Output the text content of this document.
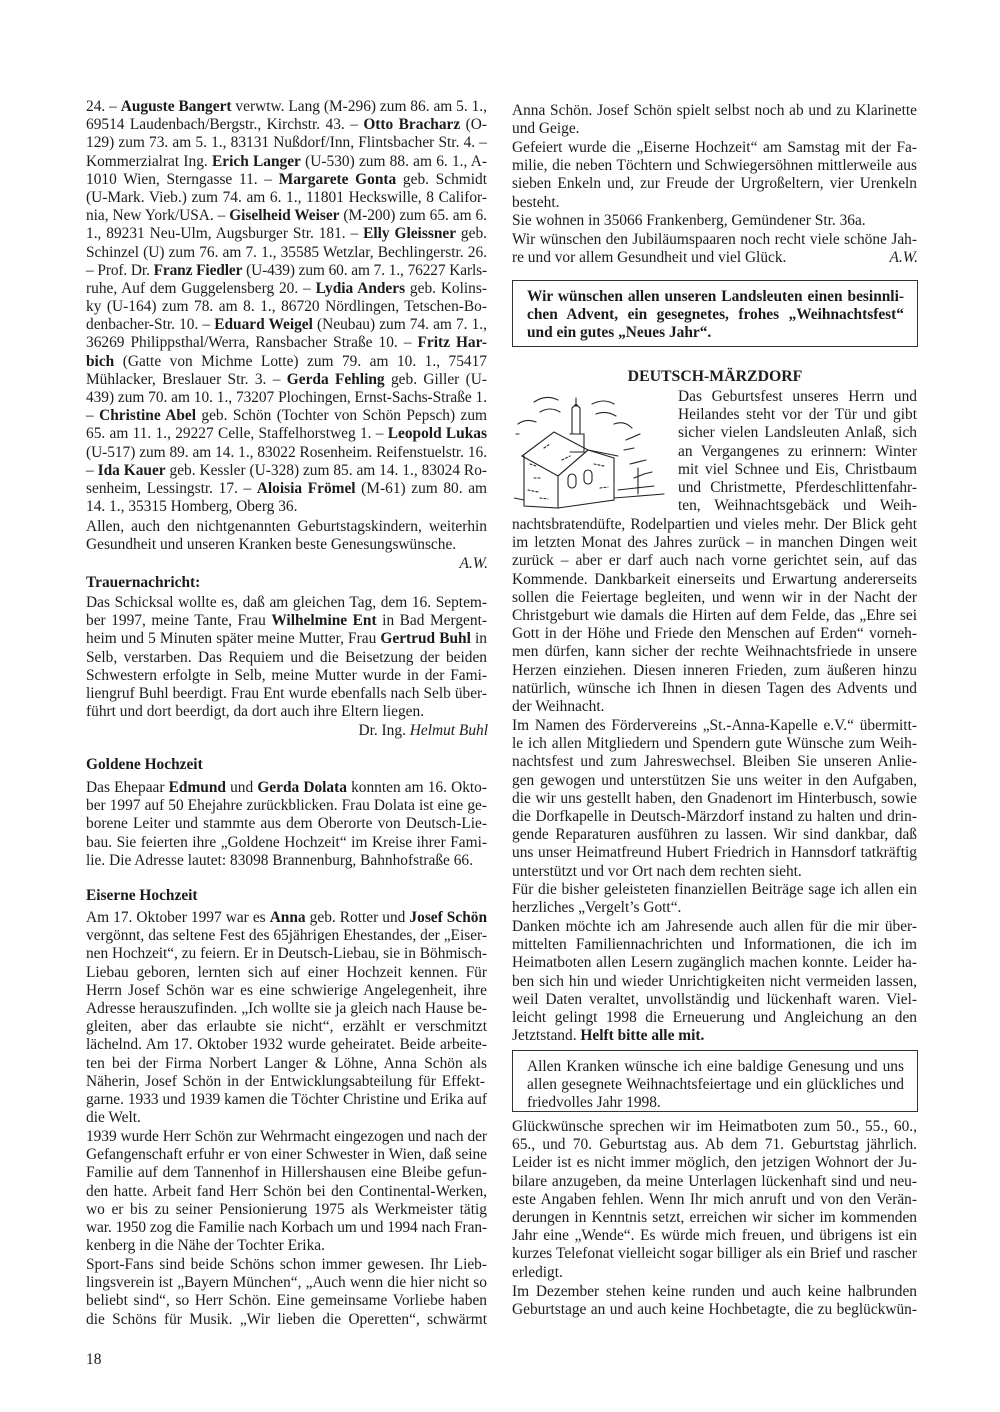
24. – Auguste Bangert verwtw. Lang (M-296) zum 86. am 5. 1.,
69514 Laudenbach/Bergstr., Kirchstr. 43. – Otto Bracharz (O-
129) zum 73. am 5. 1., 83131 Nußdorf/Inn, Flintsbacher Str. 4. –
Kommerzialrat Ing. Erich Langer (U-530) zum 88. am 6. 1., A-
1010 Wien, Sterngasse 11. – Margarete Gonta geb. Schmidt
(U-Mark. Vieb.) zum 74. am 6. 1., 11801 Heckswille, 8 Califor-
nia, New York/USA. – Giselheid Weiser (M-200) zum 65. am 6.
1., 89231 Neu-Ulm, Augsburger Str. 181. – Elly Gleissner geb.
Schinzel (U) zum 76. am 7. 1., 35585 Wetzlar, Bechlingerstr. 26.
– Prof. Dr. Franz Fiedler (U-439) zum 60. am 7. 1., 76227 Karls-
ruhe, Auf dem Guggelensberg 20. – Lydia Anders geb. Kolins-
ky (U-164) zum 78. am 8. 1., 86720 Nördlingen, Tetschen-Bo-
denbacher-Str. 10. – Eduard Weigel (Neubau) zum 74. am 7. 1.,
36269 Philippsthal/Werra, Ransbacher Straße 10. – Fritz Har-
bich (Gatte von Michme Lotte) zum 79. am 10. 1., 75417
Mühlacker, Breslauer Str. 3. – Gerda Fehling geb. Giller (U-
439) zum 70. am 10. 1., 73207 Plochingen, Ernst-Sachs-Straße 1.
– Christine Abel geb. Schön (Tochter von Schön Pepsch) zum
65. am 11. 1., 29227 Celle, Staffelhorstweg 1. – Leopold Lukas
(U-517) zum 89. am 14. 1., 83022 Rosenheim. Reifenstuelstr. 16.
– Ida Kauer geb. Kessler (U-328) zum 85. am 14. 1., 83024 Ro-
senheim, Lessingstr. 17. – Aloisia Frömel (M-61) zum 80. am
14. 1., 35315 Homberg, Oberg 36.
Allen, auch den nichtgenannten Geburtstagskindern, weiterhin
Gesundheit und unseren Kranken beste Genesungswünsche.
A.W.
Trauernachricht:
Das Schicksal wollte es, daß am gleichen Tag, dem 16. Septem-
ber 1997, meine Tante, Frau Wilhelmine Ent in Bad Mergent-
heim und 5 Minuten später meine Mutter, Frau Gertrud Buhl in
Selb, verstarben. Das Requiem und die Beisetzung der beiden
Schwestern erfolgte in Selb, meine Mutter wurde in der Fami-
liengruf Buhl beerdigt. Frau Ent wurde ebenfalls nach Selb über-
führt und dort beerdigt, da dort auch ihre Eltern liegen.
Dr. Ing. Helmut Buhl
Goldene Hochzeit
Das Ehepaar Edmund und Gerda Dolata konnten am 16. Okto-
ber 1997 auf 50 Ehejahre zurückblicken. Frau Dolata ist eine ge-
borene Leiter und stammte aus dem Oberorte von Deutsch-Lie-
bau. Sie feierten ihre „Goldene Hochzeit“ im Kreise ihrer Fami-
lie. Die Adresse lautet: 83098 Brannenburg, Bahnhofstraße 66.
Eiserne Hochzeit
Am 17. Oktober 1997 war es Anna geb. Rotter und Josef Schön
vergönnt, das seltene Fest des 65jährigen Ehestandes, der „Eiser-
nen Hochzeit“, zu feiern. Er in Deutsch-Liebau, sie in Böhmisch-
Liebau geboren, lernten sich auf einer Hochzeit kennen. Für
Herrn Josef Schön war es eine schwierige Angelegenheit, ihre
Adresse herauszufinden. „Ich wollte sie ja gleich nach Hause be-
gleiten, aber das erlaubte sie nicht“, erzählt er verschmitzt
lächelnd. Am 17. Oktober 1932 wurde geheiratet. Beide arbeite-
ten bei der Firma Norbert Langer & Löhne, Anna Schön als
Näherin, Josef Schön in der Entwicklungsabteilung für Effekt-
garne. 1933 und 1939 kamen die Töchter Christine und Erika auf
die Welt.
1939 wurde Herr Schön zur Wehrmacht eingezogen und nach der
Gefangenschaft erfuhr er von einer Schwester in Wien, daß seine
Familie auf dem Tannenhof in Hillershausen eine Bleibe gefun-
den hatte. Arbeit fand Herr Schön bei den Continental-Werken,
wo er bis zu seiner Pensionierung 1975 als Werkmeister tätig
war. 1950 zog die Familie nach Korbach um und 1994 nach Fran-
kenberg in die Nähe der Tochter Erika.
Sport-Fans sind beide Schöns schon immer gewesen. Ihr Lieb-
lingsverein ist „Bayern München“, „Auch wenn die hier nicht so
beliebt sind“, so Herr Schön. Eine gemeinsame Vorliebe haben
die Schöns für Musik. „Wir lieben die Operetten“, schwärmt
Anna Schön. Josef Schön spielt selbst noch ab und zu Klarinette
und Geige.
Gefeiert wurde die „Eiserne Hochzeit“ am Samstag mit der Fa-
milie, die neben Töchtern und Schwiegersöhnen mittlerweile aus
sieben Enkeln und, zur Freude der Urgroßeltern, vier Urenkeln
besteht.
Sie wohnen in 35066 Frankenberg, Gemündener Str. 36a.
Wir wünschen den Jubiläumspaaren noch recht viele schöne Jah-
re und vor allem Gesundheit und viel Glück.	A.W.
Wir wünschen allen unseren Landsleuten einen besinnli-
chen Advent, ein gesegnetes, frohes „Weihnachtsfest“
und ein gutes „Neues Jahr“.
DEUTSCH-MÄRZDORF
Das Geburtsfest unseres Herrn und
Heilandes steht vor der Tür und gibt
sicher vielen Landsleuten Anlaß, sich
an Vergangenes zu erinnern: Winter
mit viel Schnee und Eis, Christbaum
und Christmette, Pferdeschlittenfahr-
ten, Weihnachtsgebäck und Weih-
nachtsbratendüfte, Rodelpartien und vieles mehr. Der Blick geht
im letzten Monat des Jahres zurück – in manchen Dingen weit
zurück – aber er darf auch nach vorne gerichtet sein, auf das
Kommende. Dankbarkeit einerseits und Erwartung andererseits
sollen die Feiertage begleiten, und wenn wir in der Nacht der
Christgeburt wie damals die Hirten auf dem Felde, das „Ehre sei
Gott in der Höhe und Friede den Menschen auf Erden“ vorneh-
men dürfen, kann sicher der rechte Weihnachtsfriede in unsere
Herzen einziehen. Diesen inneren Frieden, zum äußeren hinzu
natürlich, wünsche ich Ihnen in diesen Tagen des Advents und
der Weihnacht.
Im Namen des Fördervereins „St.-Anna-Kapelle e.V.“ übermitt-
le ich allen Mitgliedern und Spendern gute Wünsche zum Weih-
nachtsfest und zum Jahreswechsel. Bleiben Sie unseren Anlie-
gen gewogen und unterstützen Sie uns weiter in den Aufgaben,
die wir uns gestellt haben, den Gnadenort im Hinterbusch, sowie
die Dorfkapelle in Deutsch-Märzdorf instand zu halten und drin-
gende Reparaturen ausführen zu lassen. Wir sind dankbar, daß
uns unser Heimatfreund Hubert Friedrich in Hannsdorf tatkräftig
unterstützt und vor Ort nach dem rechten sieht.
Für die bisher geleisteten finanziellen Beiträge sage ich allen ein
herzliches „Vergelt’s Gott“.
Danken möchte ich am Jahresende auch allen für die mir über-
mittelten Familiennachrichten und Informationen, die ich im
Heimatboten allen Lesern zugänglich machen konnte. Leider ha-
ben sich hin und wieder Unrichtigkeiten nicht vermeiden lassen,
weil Daten veraltet, unvollständig und lückenhaft waren. Viel-
leicht gelingt 1998 die Erneuerung und Angleichung an den
Jetztstand. Helft bitte alle mit.
Allen Kranken wünsche ich eine baldige Genesung und uns
allen gesegnete Weihnachtsfeiertage und ein glückliches und
friedvolles Jahr 1998.
Glückwünsche sprechen wir im Heimatboten zum 50., 55., 60.,
65., und 70. Geburtstag aus. Ab dem 71. Geburtstag jährlich.
Leider ist es nicht immer möglich, den jetzigen Wohnort der Ju-
bilare anzugeben, da meine Unterlagen lückenhaft sind und neu-
este Angaben fehlen. Wenn Ihr mich anruft und von den Verän-
derungen in Kenntnis setzt, erreichen wir sicher im kommenden
Jahr eine „Wende“. Es würde mich freuen, und übrigens ist ein
kurzes Telefonat vielleicht sogar billiger als ein Brief und rascher
erledigt.
Im Dezember stehen keine runden und auch keine halbrunden
Geburtstage an und auch keine Hochbetagte, die zu beglückwün-
18
